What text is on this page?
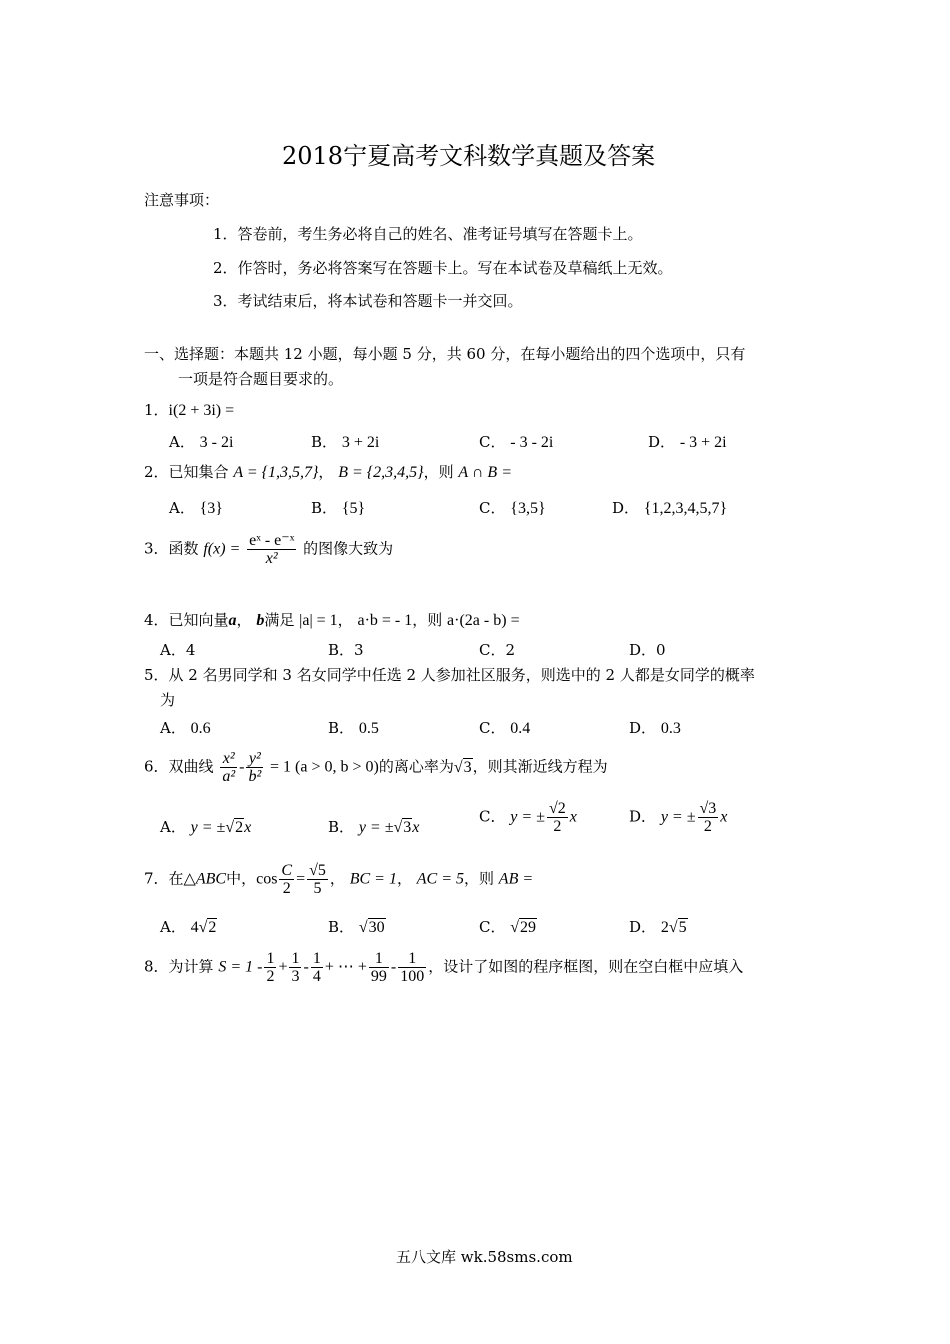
2018宁夏高考文科数学真题及答案
注意事项：
1．答卷前，考生务必将自己的姓名、准考证号填写在答题卡上。
2．作答时，务必将答案写在答题卡上。写在本试卷及草稿纸上无效。
3．考试结束后，将本试卷和答题卡一并交回。
一、选择题：本题共 12 小题，每小题 5 分，共 60 分，在每小题给出的四个选项中，只有
一项是符合题目要求的。
1．i(2 + 3i) =
A． 3 - 2i	B． 3 + 2i	C． - 3 - 2i	D． - 3 + 2i
2．已知集合 A = {1,3,5,7}， B = {2,3,4,5}，则 A ∩ B =
A． {3}	B． {5}	C． {3,5}	D． {1,2,3,4,5,7}
3．函数 $f(x) = \frac{\text{eˣ - e⁻ˣ}}{\text{x²}}$ 的图像大致为
4．已知向量a， b满足 |a| = 1， a·b = - 1，则 a·(2a - b) =
A．4	B．3	C．2	D．0
5．从 2 名男同学和 3 名女同学中任选 2 人参加社区服务，则选中的 2 人都是女同学的概率
为
A． 0.6	B． 0.5	C． 0.4	D． 0.3
6．双曲线 $\frac{\text{x²}}{\text{a²}} - \frac{\text{y²}}{\text{b²}} = 1$ (a > 0, b > 0)的离心率为√3，则其渐近线方程为
A． y = ±√2x	B． y = ±√3x
C． y = ± $\frac{√2}{2}$ x	D． y = ± $\frac{√3}{2}$ x
7．在△ABC中，$\cos \frac{C}{2} = \frac{√5}{5}$ ， BC = 1， AC = 5，则 AB =
A． 4√2	B． √30	C． √29	D． 2√5
8．为计算 $S = 1 - \frac{1}{2} + \frac{1}{3} - \frac{1}{4}$ + ⋯ + $\frac{1}{99} - \frac{1}{100}$ ，设计了如图的程序框图，则在空白框中应填入
五八文库 wk.58sms.com
